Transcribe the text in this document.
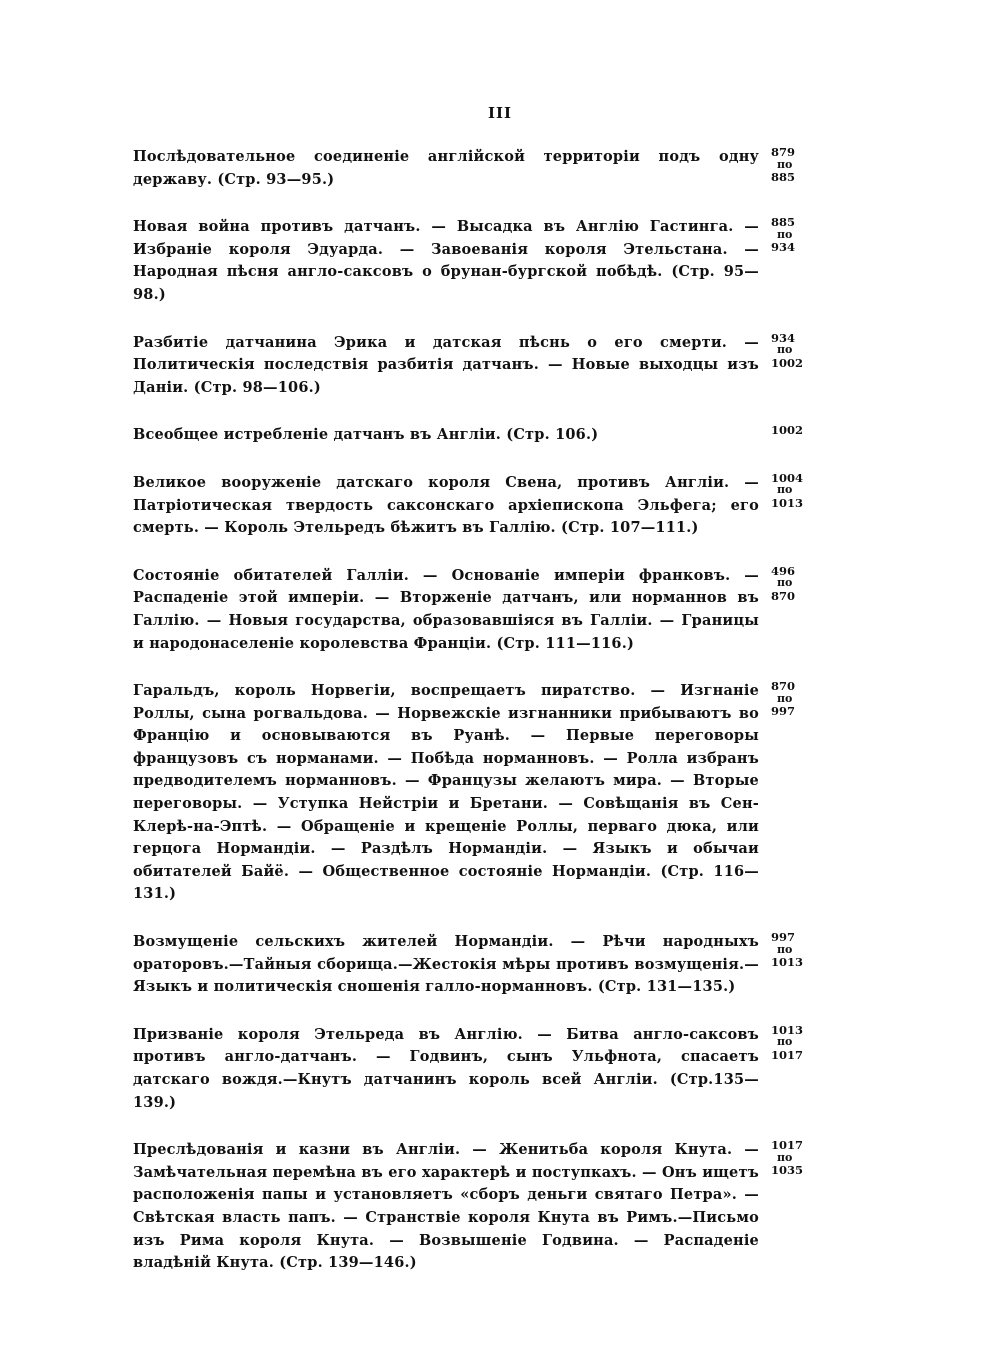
III
Послѣдовательное соединеніе англійской территоріи подъ одну державу. (Стр. 93—95.)
879
по
885
Новая война противъ датчанъ. — Высадка въ Англію Гастинга. — Избраніе короля Эдуарда. — Завоеванія короля Этельстана. — Народная пѣсня англо-саксовъ о брунан-бургской побѣдѣ. (Стр. 95—98.)
885
по
934
Разбитіе датчанина Эрика и датская пѣснь о его смерти. — Политическія последствія разбитія датчанъ. — Новые выходцы изъ Даніи. (Стр. 98—106.)
934
по
1002
Всеобщее истребленіе датчанъ въ Англіи. (Стр. 106.)	1002
Великое вооруженіе датскаго короля Свена, противъ Англіи. — Патріотическая твердость саксонскаго архіепископа Эльфега; его смерть. — Король Этельредъ бѣжитъ въ Галлію. (Стр. 107—111.)
1004
по
1013
Состояніе обитателей Галліи. — Основаніе имперіи франковъ. — Распаденіе этой имперіи. — Вторженіе датчанъ, или норманнов въ Галлію. — Новыя государства, образовавшіяся въ Галліи. — Границы и народонаселеніе королевства Франціи. (Стр. 111—116.)
496
по
870
Гаральдъ, король Норвегіи, воспрещаетъ пиратство. — Изгнаніе Роллы, сына рогвальдова. — Норвежскіе изгнанники прибываютъ во Францію и основываются въ Руанѣ. — Первые переговоры французовъ съ норманами. — Побѣда норманновъ. — Ролла избранъ предводителемъ норманновъ. — Французы желаютъ мира. — Вторые переговоры. — Уступка Нейстріи и Бретани. — Совѣщанія въ Сен-Клерѣ-на-Эптѣ. — Обращеніе и крещеніе Роллы, перваго дюка, или герцога Нормандіи. — Раздѣлъ Нормандіи. — Языкъ и обычаи обитателей Байё. — Общественное состояніе Нормандіи. (Стр. 116—131.)
870
по
997
Возмущеніе сельскихъ жителей Нормандіи. — Рѣчи народныхъ ораторовъ.—Тайныя сборища.—Жестокія мѣры противъ возмущенія.— Языкъ и политическія сношенія галло-норманновъ. (Стр. 131—135.)
997
по
1013
Призваніе короля Этельреда въ Англію. — Битва англо-саксовъ противъ англо-датчанъ. — Годвинъ, сынъ Ульфнота, спасаетъ датскаго вождя.—Кнутъ датчанинъ король всей Англіи. (Стр.135—139.)
1013
по
1017
Преслѣдованія и казни въ Англіи. — Женитьба короля Кнута. — Замѣчательная перемѣна въ его характерѣ и поступкахъ. — Онъ ищетъ расположенія папы и установляетъ «сборъ деньги святаго Петра». — Свѣтская власть папъ. — Странствіе короля Кнута въ Римъ.—Письмо изъ Рима короля Кнута. — Возвышеніе Годвина. — Распаденіе владѣній Кнута. (Стр. 139—146.)
1017
по
1035
